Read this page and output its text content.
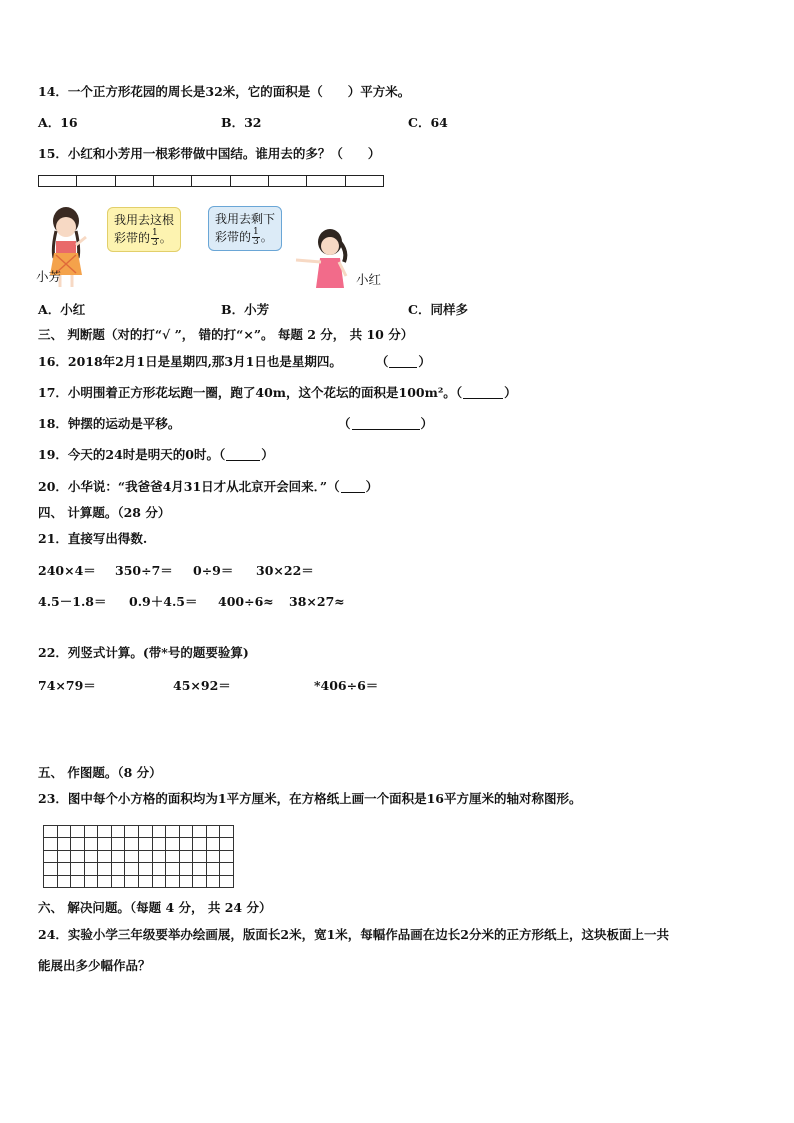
14．一个正方形花园的周长是32米，它的面积是（　　）平方米。
A．16	B．32	C．64
15．小红和小芳用一根彩带做中国结。谁用去的多？（　　）
小芳
我用去这根
彩带的 $\frac{1}{3}$ 。
我用去剩下
彩带的 $\frac{1}{3}$ 。
小红
A．小红	B．小芳	C．同样多
三、 判断题（对的打“√ ”， 错的打“×”。 每题 2 分， 共 10 分）
16．2018年2月1日是星期四,那3月1日也是星期四。	（ ）
17．小明围着正方形花坛跑一圈，跑了40m，这个花坛的面积是100m²。（	）
18．钟摆的运动是平移。	（	）
19．今天的24时是明天的0时。（	）
20．小华说：“我爸爸4月31日才从北京开会回来．”（ ）
四、 计算题。（28 分）
21．直接写出得数.
240×4＝ 350÷7＝ 0÷9＝ 30×22＝
4.5－1.8＝ 0.9＋4.5＝ 400÷6≈ 38×27≈
22．列竖式计算。(带*号的题要验算)
74×79＝	45×92＝	*406÷6＝
五、 作图题。（8 分）
23．图中每个小方格的面积均为1平方厘米，在方格纸上画一个面积是16平方厘米的轴对称图形。
六、 解决问题。（每题 4 分， 共 24 分）
24．实验小学三年级要举办绘画展，版面长2米，宽1米，每幅作品画在边长2分米的正方形纸上，这块板面上一共
能展出多少幅作品？
